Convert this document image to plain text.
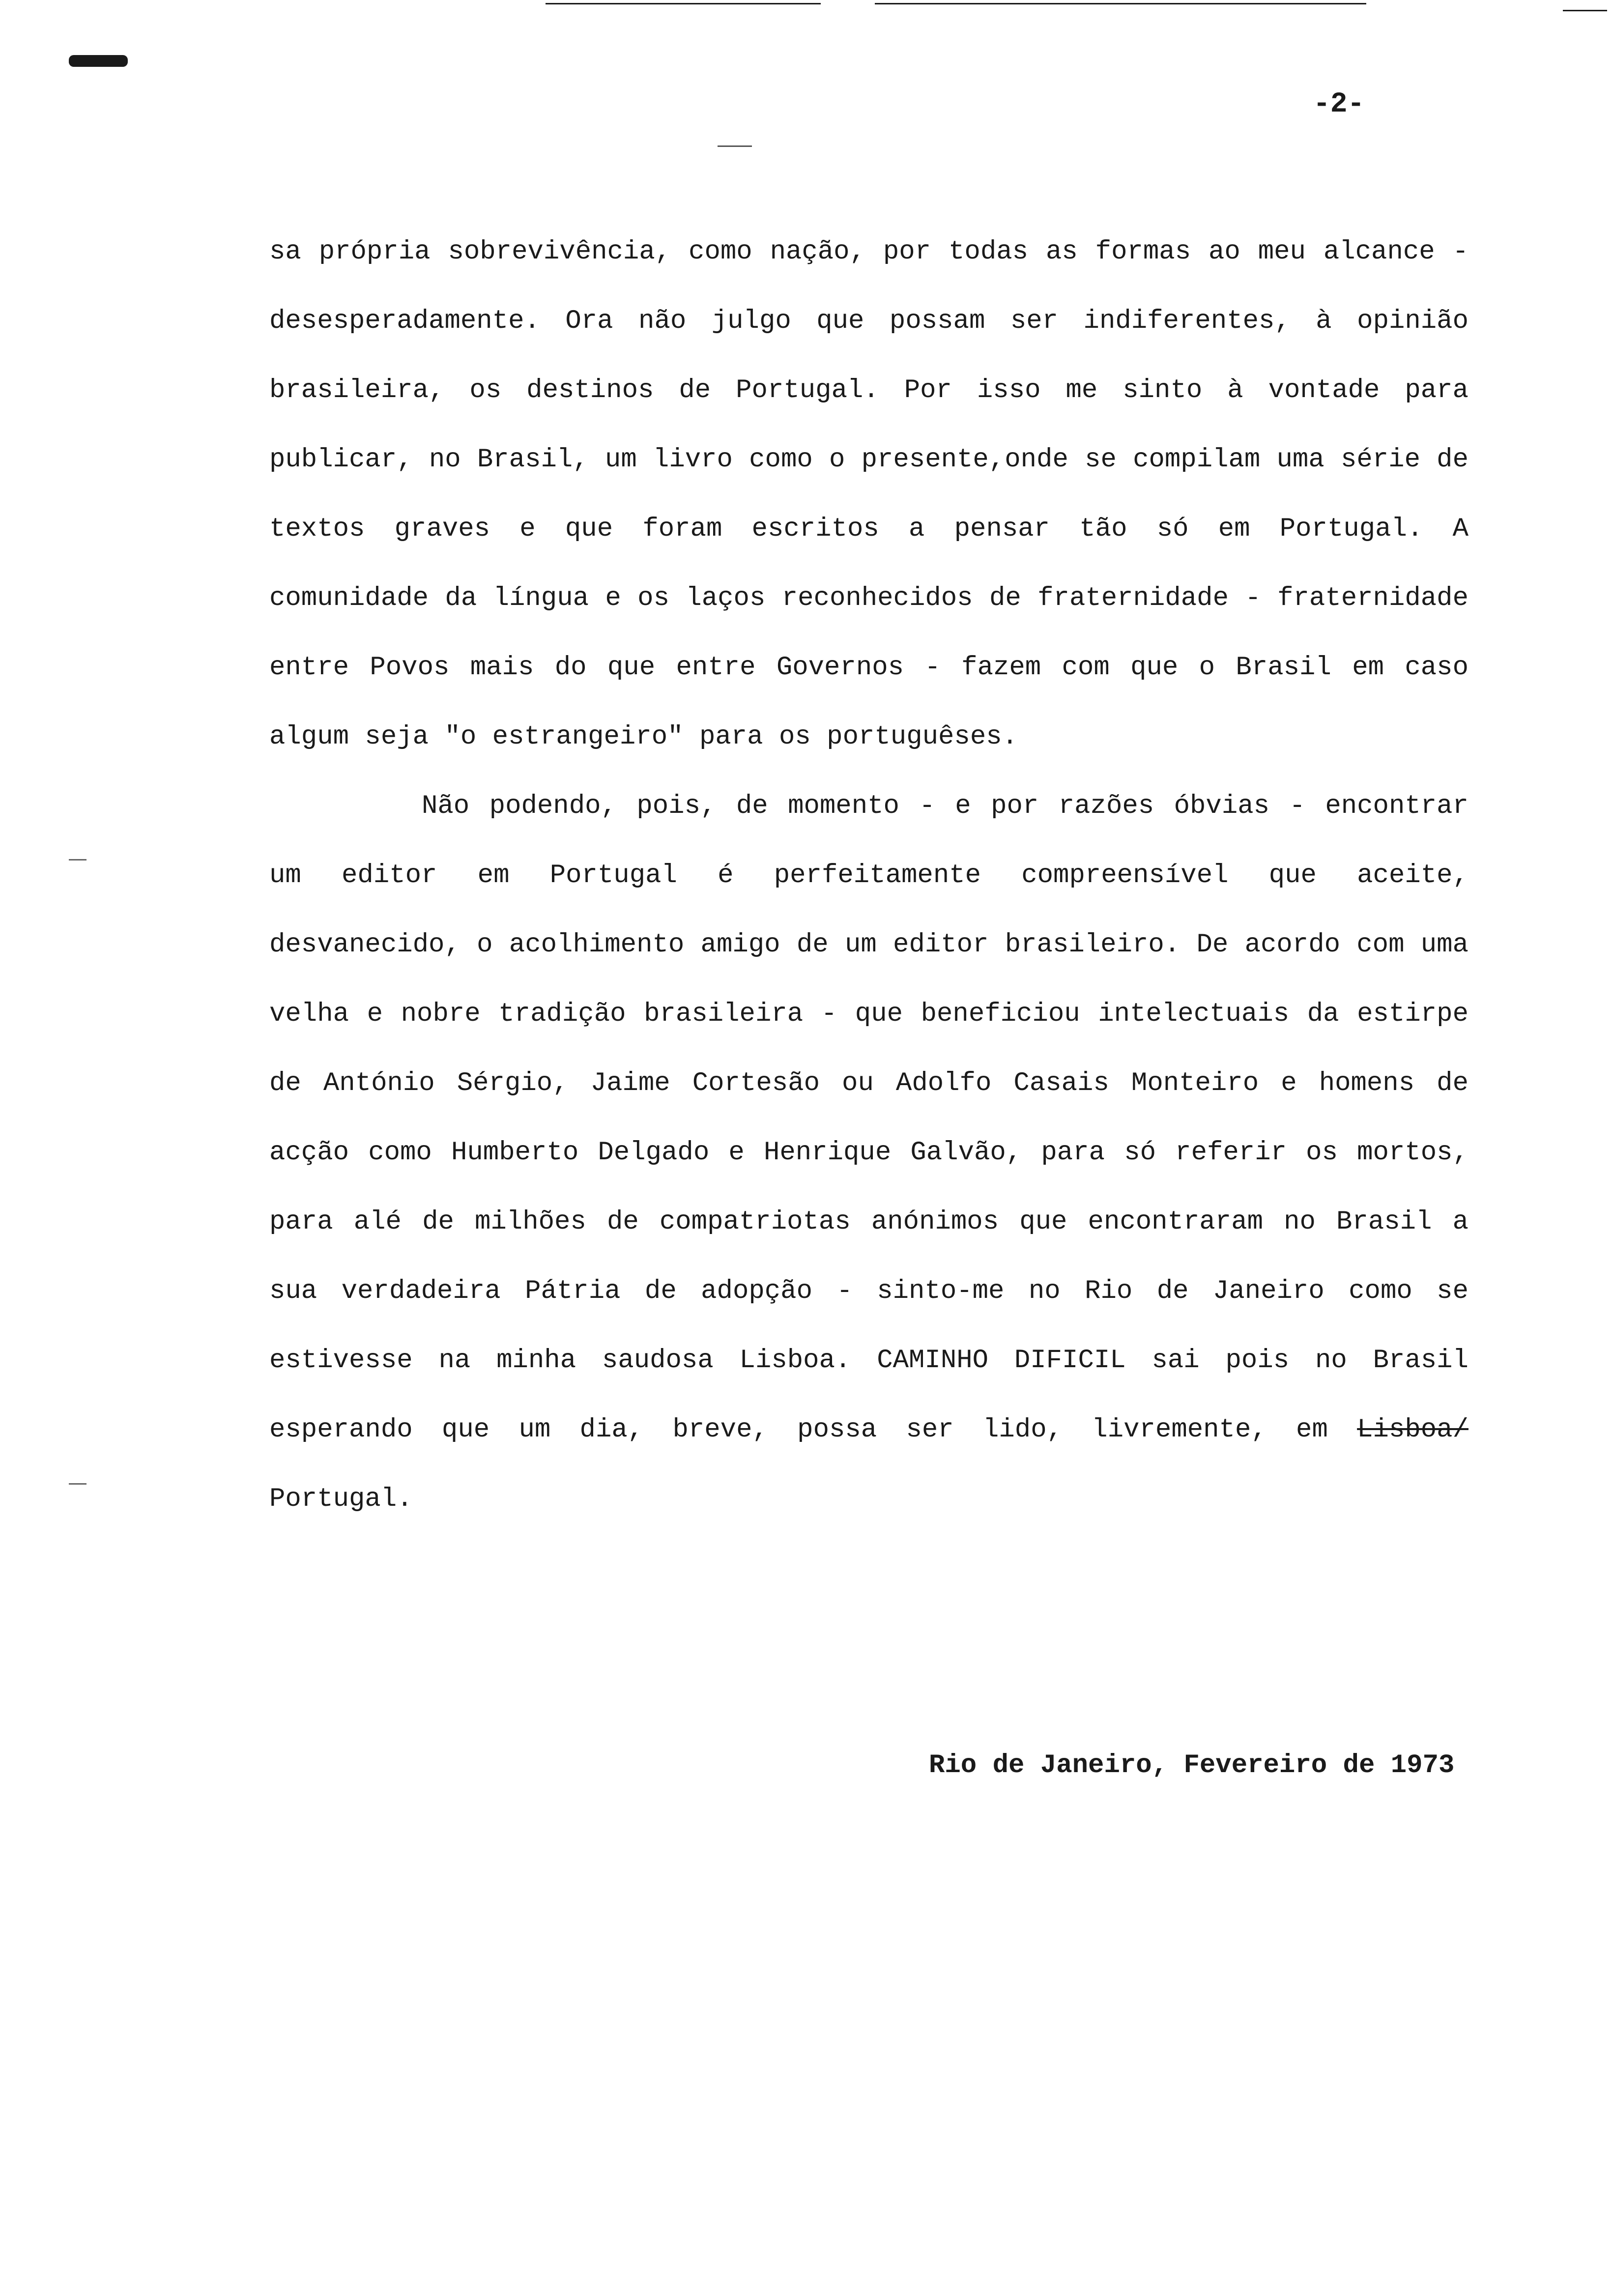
-2-

sa própria sobrevivência, como nação, por todas as formas ao meu alcance - desesperadamente. Ora não julgo que possam ser indiferentes, à opinião brasileira, os destinos de Portugal. Por isso me sinto à vontade para publicar, no Brasil, um livro como o presente,onde se compilam uma série de textos graves e que foram escritos a pensar tão só em Portugal. A comunidade da língua e os laços reconhecidos de fraternidade - fraternidade entre Povos mais do que entre Governos - fazem com que o Brasil em caso algum seja "o estrangeiro" para os portuguêses.

Não podendo, pois, de momento - e por razões óbvias - encontrar um editor em Portugal é perfeitamente compreensível que aceite, desvanecido, o acolhimento amigo de um editor brasileiro. De acordo com uma velha e nobre tradição brasileira - que beneficiou intelectuais da estirpe de António Sérgio, Jaime Cortesão ou Adolfo Casais Monteiro e homens de acção como Humberto Delgado e Henrique Galvão, para só referir os mortos, para alé de milhões de compatriotas anónimos que encontraram no Brasil a sua verdadeira Pátria de adopção - sinto-me no Rio de Janeiro como se estivesse na minha saudosa Lisboa. CAMINHO DIFICIL sai pois no Brasil esperando que um dia, breve, possa ser lido, livremente, em Lisboa/ Portugal.

Rio de Janeiro, Fevereiro de 1973
